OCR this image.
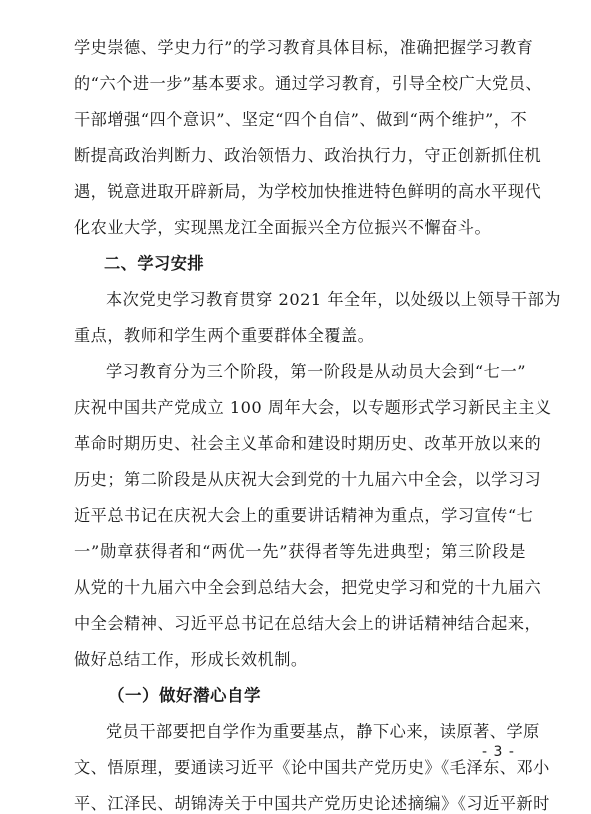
学史崇德、学史力行”的学习教育具体目标，准确把握学习教育
的“六个进一步”基本要求。通过学习教育，引导全校广大党员、
干部增强“四个意识”、坚定“四个自信”、做到“两个维护”，不
断提高政治判断力、政治领悟力、政治执行力，守正创新抓住机
遇，锐意进取开辟新局，为学校加快推进特色鲜明的高水平现代
化农业大学，实现黑龙江全面振兴全方位振兴不懈奋斗。
二、学习安排
本次党史学习教育贯穿 2021 年全年，以处级以上领导干部为
重点，教师和学生两个重要群体全覆盖。
学习教育分为三个阶段，第一阶段是从动员大会到“七一”
庆祝中国共产党成立 100 周年大会，以专题形式学习新民主主义
革命时期历史、社会主义革命和建设时期历史、改革开放以来的
历史；第二阶段是从庆祝大会到党的十九届六中全会，以学习习
近平总书记在庆祝大会上的重要讲话精神为重点，学习宣传“七
一”勋章获得者和“两优一先”获得者等先进典型；第三阶段是
从党的十九届六中全会到总结大会，把党史学习和党的十九届六
中全会精神、习近平总书记在总结大会上的讲话精神结合起来，
做好总结工作，形成长效机制。
（一）做好潜心自学
党员干部要把自学作为重要基点，静下心来，读原著、学原
文、悟原理，要通读习近平《论中国共产党历史》《毛泽东、邓小
平、江泽民、胡锦涛关于中国共产党历史论述摘编》《习近平新时
- 3 -
